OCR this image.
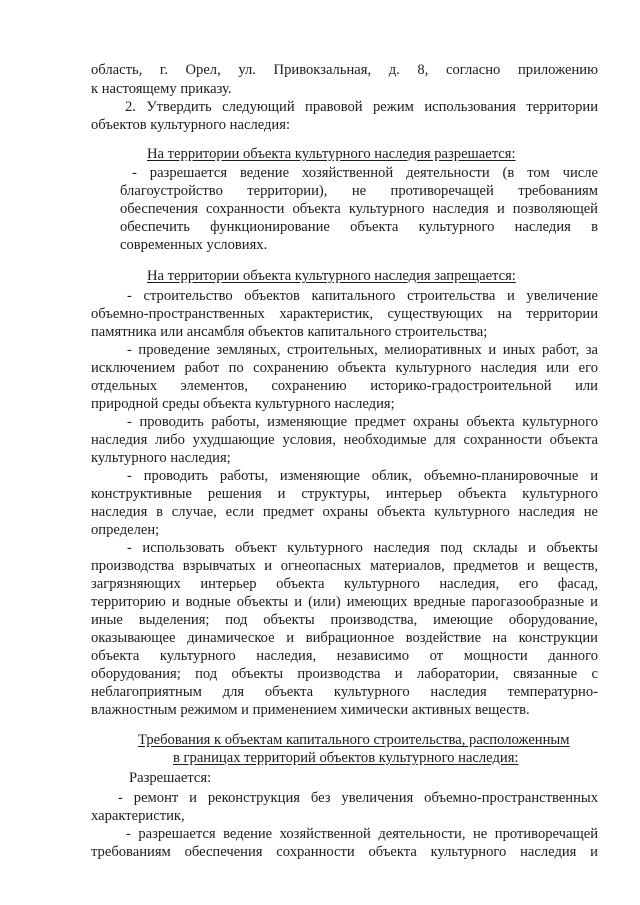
область, г. Орел, ул. Привокзальная, д. 8, согласно приложению
к настоящему приказу.
2. Утвердить следующий правовой режим использования территории
объектов культурного наследия:
На территории объекта культурного наследия разрешается:
- разрешается ведение хозяйственной деятельности (в том числе
благоустройство территории), не противоречащей требованиям
обеспечения сохранности объекта культурного наследия и позволяющей
обеспечить функционирование объекта культурного наследия в
современных условиях.
На территории объекта культурного наследия запрещается:
- строительство объектов капитального строительства и увеличение
объемно-пространственных характеристик, существующих на территории
памятника или ансамбля объектов капитального строительства;
- проведение земляных, строительных, мелиоративных и иных работ, за
исключением работ по сохранению объекта культурного наследия или его
отдельных элементов, сохранению историко-градостроительной или
природной среды объекта культурного наследия;
- проводить работы, изменяющие предмет охраны объекта культурного
наследия либо ухудшающие условия, необходимые для сохранности объекта
культурного наследия;
- проводить работы, изменяющие облик, объемно-планировочные и
конструктивные решения и структуры, интерьер объекта культурного
наследия в случае, если предмет охраны объекта культурного наследия не
определен;
- использовать объект культурного наследия под склады и объекты
производства взрывчатых и огнеопасных материалов, предметов и веществ,
загрязняющих интерьер объекта культурного наследия, его фасад,
территорию и водные объекты и (или) имеющих вредные парогазообразные и
иные выделения; под объекты производства, имеющие оборудование,
оказывающее динамическое и вибрационное воздействие на конструкции
объекта культурного наследия, независимо от мощности данного
оборудования; под объекты производства и лаборатории, связанные с
неблагоприятным для объекта культурного наследия температурно-
влажностным режимом и применением химически активных веществ.
Требования к объектам капитального строительства, расположенным
в границах территорий объектов культурного наследия:
Разрешается:
- ремонт и реконструкция без увеличения объемно-пространственных
характеристик,
- разрешается ведение хозяйственной деятельности, не противоречащей
требованиям обеспечения сохранности объекта культурного наследия и
